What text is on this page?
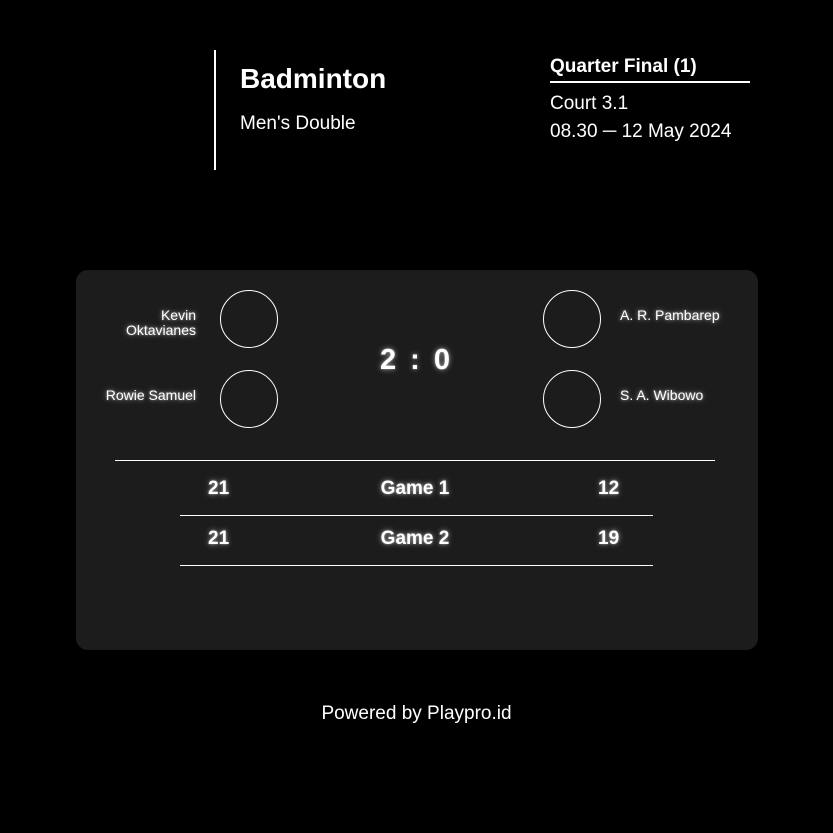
Badminton
Men's Double
Quarter Final (1)
Court 3.1
08.30 ─ 12 May 2024
Kevin Oktavianes
Rowie Samuel
2 : 0
A. R. Pambarep
S. A. Wibowo
21	Game 1	12
21	Game 2	19
Powered by Playpro.id
